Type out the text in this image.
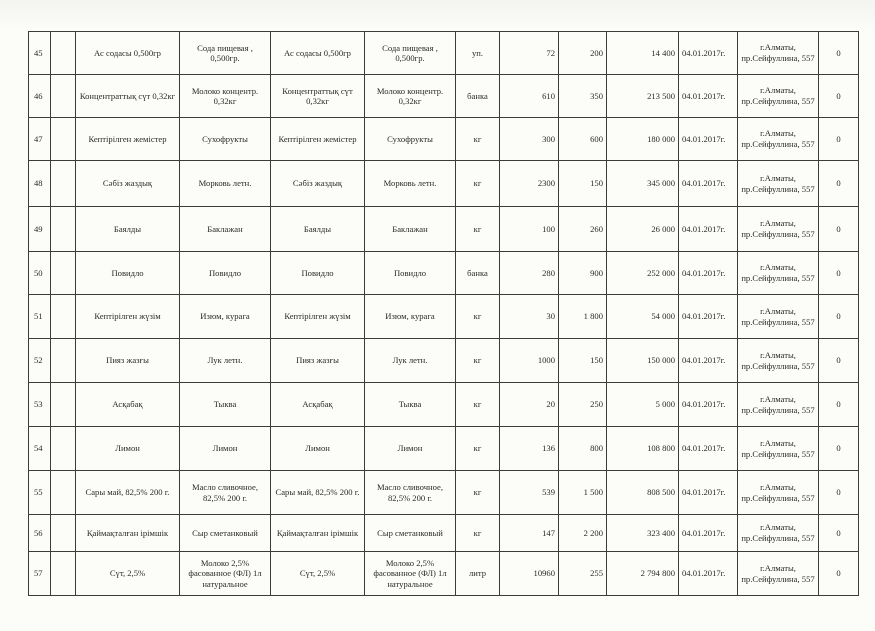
45		Ас содасы 0,500гр	Сода пищевая , 0,500гр.	Ас содасы 0,500гр	Сода пищевая , 0,500гр.	уп.	72	200	14 400	04.01.2017г.	г.Алматы,
пр.Сейфуллина, 557	0
46		Концентраттық сүт 0,32кг	Молоко концентр. 0,32кг	Концентраттық сүт 0,32кг	Молоко концентр. 0,32кг	банка	610	350	213 500	04.01.2017г.	г.Алматы,
пр.Сейфуллина, 557	0
47		Кептірілген жемістер	Сухофрукты	Кептірілген жемістер	Сухофрукты	кг	300	600	180 000	04.01.2017г.	г.Алматы,
пр.Сейфуллина, 557	0
48		Сәбіз жаздық	Морковь летн.	Сәбіз жаздық	Морковь летн.	кг	2300	150	345 000	04.01.2017г.	г.Алматы,
пр.Сейфуллина, 557	0
49		Баялды	Баклажан	Баялды	Баклажан	кг	100	260	26 000	04.01.2017г.	г.Алматы,
пр.Сейфуллина, 557	0
50		Повидло	Повидло	Повидло	Повидло	банка	280	900	252 000	04.01.2017г.	г.Алматы,
пр.Сейфуллина, 557	0
51		Кептірілген жүзім	Изюм, курага	Кептірілген жүзім	Изюм, курага	кг	30	1 800	54 000	04.01.2017г.	г.Алматы,
пр.Сейфуллина, 557	0
52		Пияз жазғы	Лук летн.	Пияз жазғы	Лук летн.	кг	1000	150	150 000	04.01.2017г.	г.Алматы,
пр.Сейфуллина, 557	0
53		Асқабақ	Тыква	Асқабақ	Тыква	кг	20	250	5 000	04.01.2017г.	г.Алматы,
пр.Сейфуллина, 557	0
54		Лимон	Лимон	Лимон	Лимон	кг	136	800	108 800	04.01.2017г.	г.Алматы,
пр.Сейфуллина, 557	0
55		Сары май, 82,5% 200 г.	Масло сливочное, 82,5% 200 г.	Сары май, 82,5% 200 г.	Масло сливочное, 82,5% 200 г.	кг	539	1 500	808 500	04.01.2017г.	г.Алматы,
пр.Сейфуллина, 557	0
56		Қаймақталған ірімшік	Сыр сметанковый	Қаймақталған ірімшік	Сыр сметанковый	кг	147	2 200	323 400	04.01.2017г.	г.Алматы,
пр.Сейфуллина, 557	0
57		Сүт, 2,5%	Молоко 2,5% фасованное (ФЛ) 1л натуральное	Сүт, 2,5%	Молоко 2,5% фасованное (ФЛ) 1л натуральное	литр	10960	255	2 794 800	04.01.2017г.	г.Алматы,
пр.Сейфуллина, 557	0
